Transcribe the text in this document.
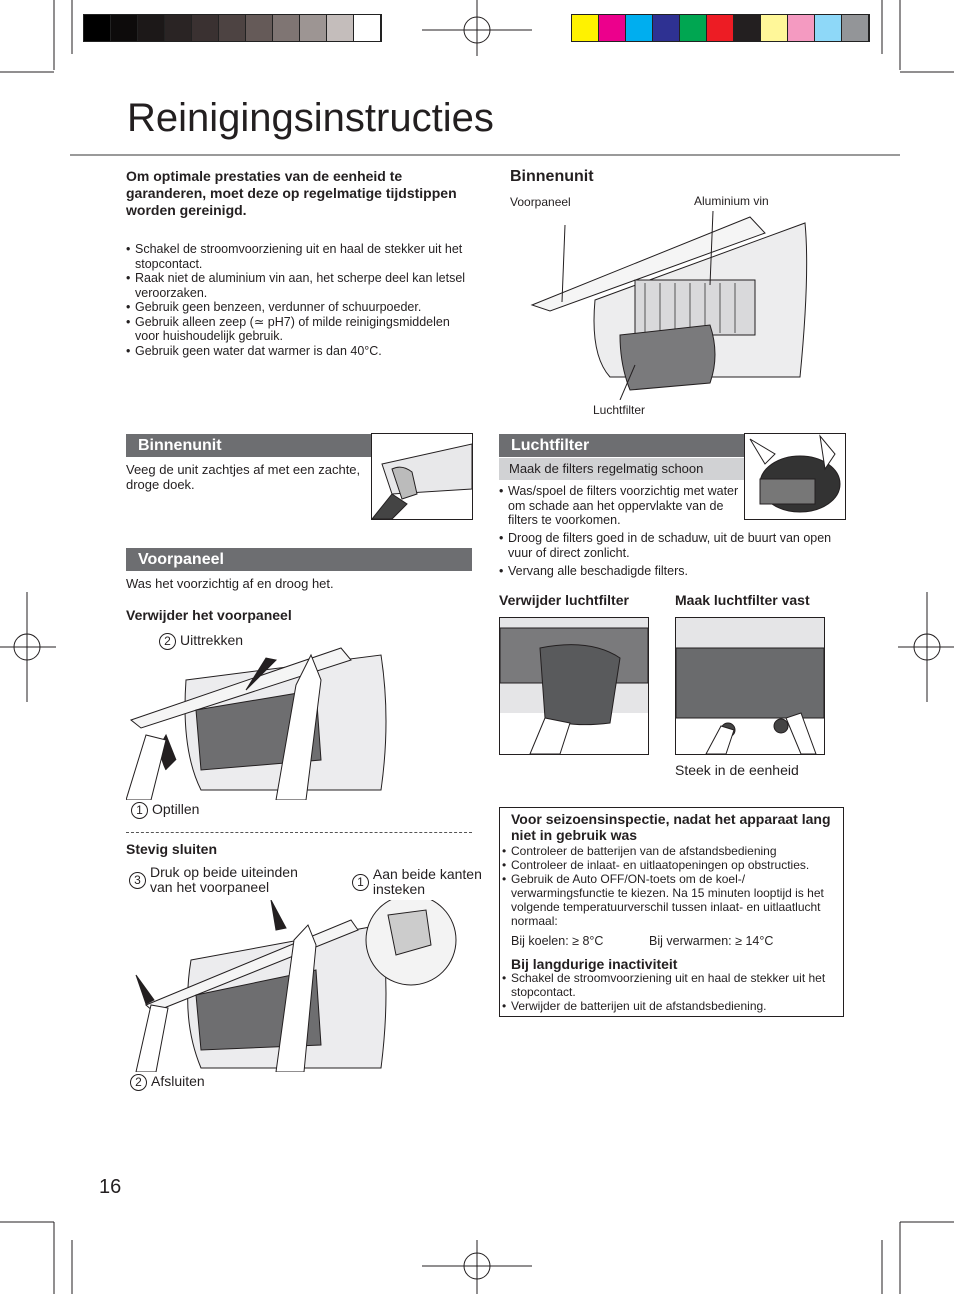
Reinigingsinstructies
Om optimale prestaties van de eenheid te garanderen, moet deze op regelmatige tijdstippen worden gereinigd.
• Schakel de stroomvoorziening uit en haal de stekker uit het stopcontact.
• Raak niet de aluminium vin aan, het scherpe deel kan letsel veroorzaken.
• Gebruik geen benzeen, verdunner of schuurpoeder.
• Gebruik alleen zeep (≃ pH7) of milde reinigingsmiddelen voor huishoudelijk gebruik.
• Gebruik geen water dat warmer is dan 40°C.
Binnenunit
Voorpaneel	Aluminium vin
Luchtfilter
Binnenunit
Veeg de unit zachtjes af met een zachte, droge doek.
Voorpaneel
Was het voorzichtig af en droog het.
Verwijder het voorpaneel
2 Uittrekken
1 Optillen
Stevig sluiten
3 Druk op beide uiteinden van het voorpaneel	1 Aan beide kanten insteken
2 Afsluiten
Luchtfilter
Maak de filters regelmatig schoon
• Was/spoel de filters voorzichtig met water om schade aan het oppervlakte van de filters te voorkomen.
• Droog de filters goed in de schaduw, uit de buurt van open vuur of direct zonlicht.
• Vervang alle beschadigde filters.
Verwijder luchtfilter	Maak luchtfilter vast
Steek in de eenheid
Voor seizoensinspectie, nadat het apparaat lang niet in gebruik was
• Controleer de batterijen van de afstandsbediening
• Controleer de inlaat- en uitlaatopeningen op obstructies.
• Gebruik de Auto OFF/ON-toets om de koel-/ verwarmingsfunctie te kiezen. Na 15 minuten looptijd is het volgende temperatuurverschil tussen inlaat- en uitlaatlucht normaal:
Bij koelen: ≥ 8°C	Bij verwarmen: ≥ 14°C
Bij langdurige inactiviteit
• Schakel de stroomvoorziening uit en haal de stekker uit het stopcontact.
• Verwijder de batterijen uit de afstandsbediening.
16
